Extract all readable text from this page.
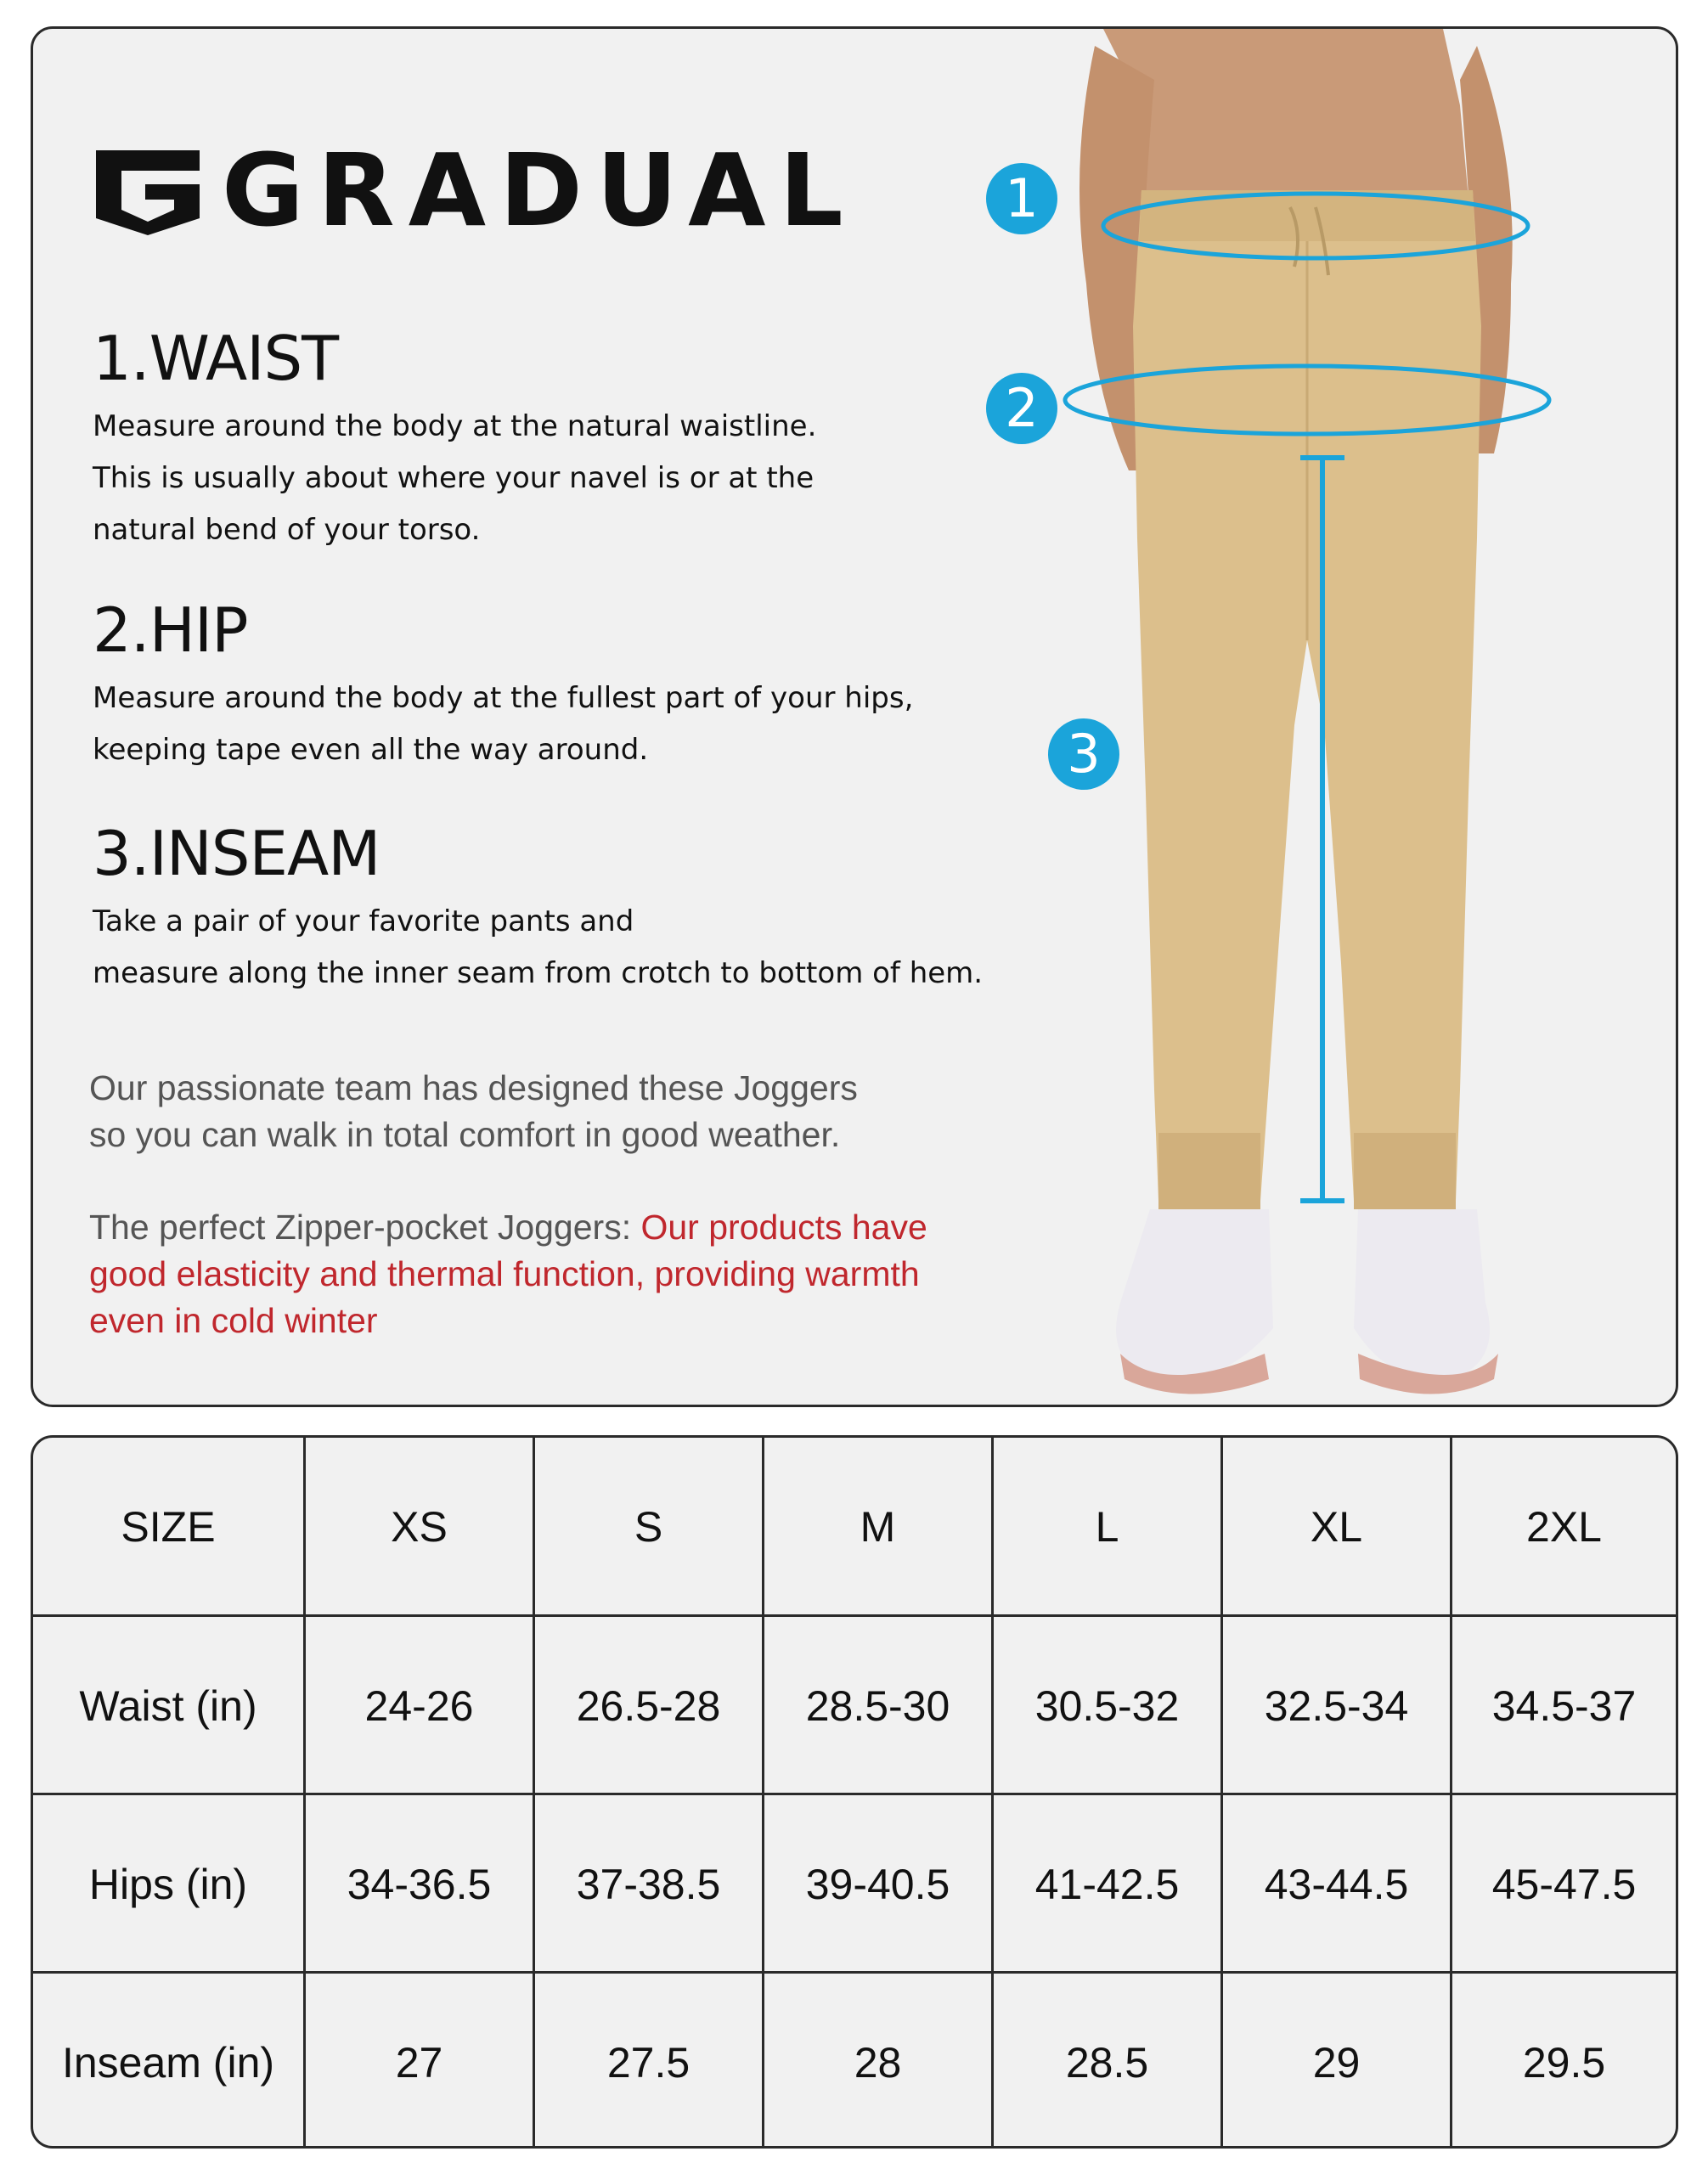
GRADUAL

1.WAIST

Measure around the body at the natural waistline.

This is usually about where your navel is or at the

natural bend of your torso.

2.HIP

Measure around the body at the fullest part of your hips,

keeping tape even all the way around.

3.INSEAM

Take a pair of your favorite pants and

measure along the inner seam from crotch to bottom of hem.

Our passionate team has designed these Joggers
so you can walk in total comfort in good weather.
The perfect Zipper-pocket Joggers: Our products have
good elasticity and thermal function, providing warmth
even in cold winter
1
2
3
SIZE	XS	S	M	L	XL	2XL
Waist (in)	24-26	26.5-28	28.5-30	30.5-32	32.5-34	34.5-37
Hips (in)	34-36.5	37-38.5	39-40.5	41-42.5	43-44.5	45-47.5
Inseam (in)	27	27.5	28	28.5	29	29.5
